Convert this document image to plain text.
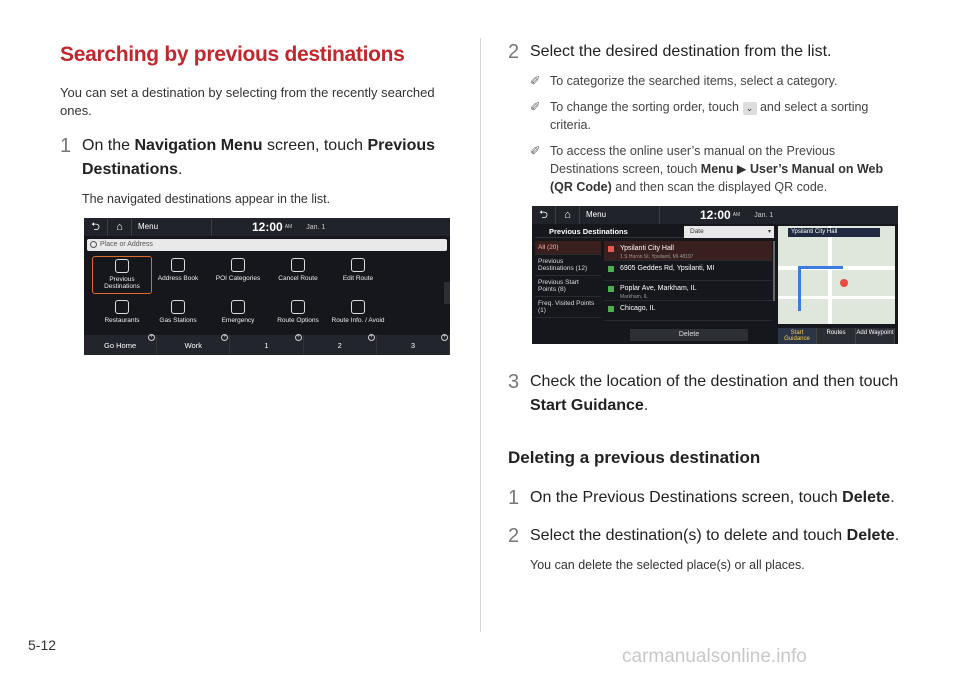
Searching by previous destinations
You can set a destination by selecting from the recently searched ones.
1 On the Navigation Menu screen, touch Previous Destinations.
The navigated destinations appear in the list.
⮌	⌂	Menu	12:00 AM Jan. 1
Place or Address
Previous Destinations
Address Book	POI Categories	Cancel Route	Edit Route
Restaurants	Gas Stations	Emergency	Route Options	Route Info. / Avoid
Go Home
+
Work
+
1
+
2
+
3
+
2 Select the desired destination from the list.
✐ To categorize the searched items, select a category.
✐ To change the sorting order, touch ⌄ and select a sorting criteria.
✐ To access the online user’s manual on the Previous Destinations screen, touch Menu ▶ User’s Manual on Web (QR Code) and then scan the displayed QR code.
⮌	⌂	Menu	12:00 AM Jan. 1
Previous Destinations	Date	▾
All (20)
Previous Destinations (12)
Previous Start Points (8)
Freq. Visited Points (1)
Ypsilanti City Hall
1 S Huron St, Ypsilanti, MI 48197
6905 Geddes Rd, Ypsilanti, MI
Poplar Ave, Markham, IL
Markham, IL
Chicago, IL
Delete
Ypsilanti City Hall
Start Guidance
Routes	Add Waypoint
3 Check the location of the destination and then touch Start Guidance.
Deleting a previous destination
1 On the Previous Destinations screen, touch Delete.
2 Select the destination(s) to delete and touch Delete.
You can delete the selected place(s) or all places.
5-12
carmanualsonline.info
